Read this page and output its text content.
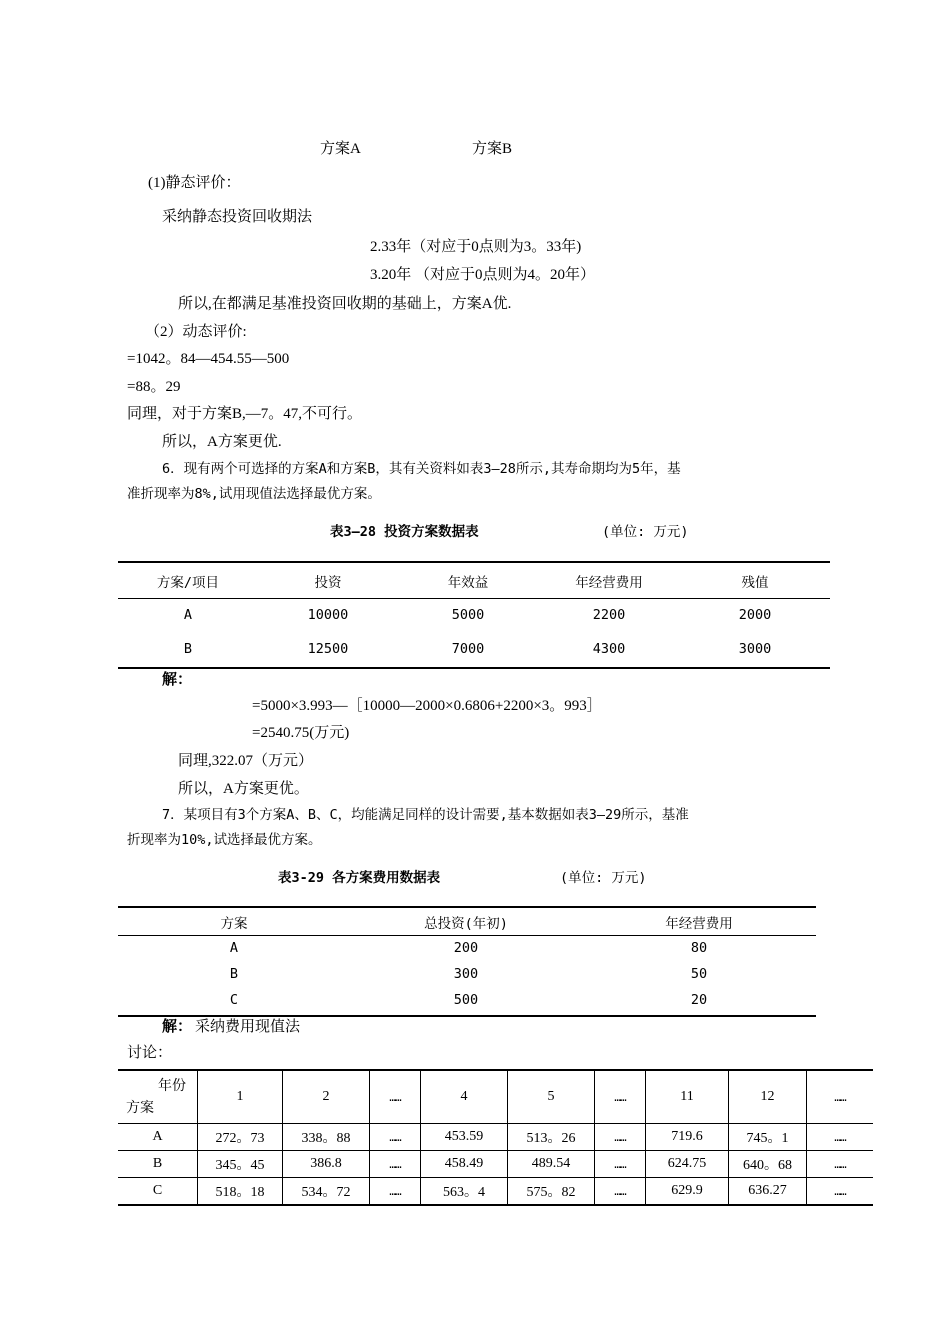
方案A	方案B
(1)静态评价：
采纳静态投资回收期法
2.33年（对应于0点则为3。33年)
3.20年 （对应于0点则为4。20年）
所以,在都满足基准投资回收期的基础上，方案A优.
（2）动态评价:
=1042。84—454.55—500
=88。29
同理，对于方案B,—7。47,不可行。
所以，A方案更优.
6．现有两个可选择的方案A和方案B，其有关资料如表3—28所示,其寿命期均为5年，基
准折现率为8%,试用现值法选择最优方案。
表3—28 投资方案数据表	(单位: 万元)
方案/项目	投资	年效益	年经营费用	残值
A	10000	5000	2200	2000
B	12500	7000	4300	3000
解：
=5000×3.993—［10000—2000×0.6806+2200×3。993］
=2540.75(万元)
同理,322.07（万元）
所以，A方案更优。
7．某项目有3个方案A、B、C，均能满足同样的设计需要,基本数据如表3—29所示，基准
折现率为10%,试选择最优方案。
表3-29 各方案费用数据表	(单位: 万元)
方案	总投资(年初)	年经营费用
A	200	80
B	300	50
C	500	20
解： 采纳费用现值法
讨论：
年份
方案	1	2	……	4	5	……	11	12	……
A	272。73	338。88	……	453.59	513。26	……	719.6	745。1	……
B	345。45	386.8	……	458.49	489.54	……	624.75	640。68	……
C	518。18	534。72	……	563。4	575。82	……	629.9	636.27	……
